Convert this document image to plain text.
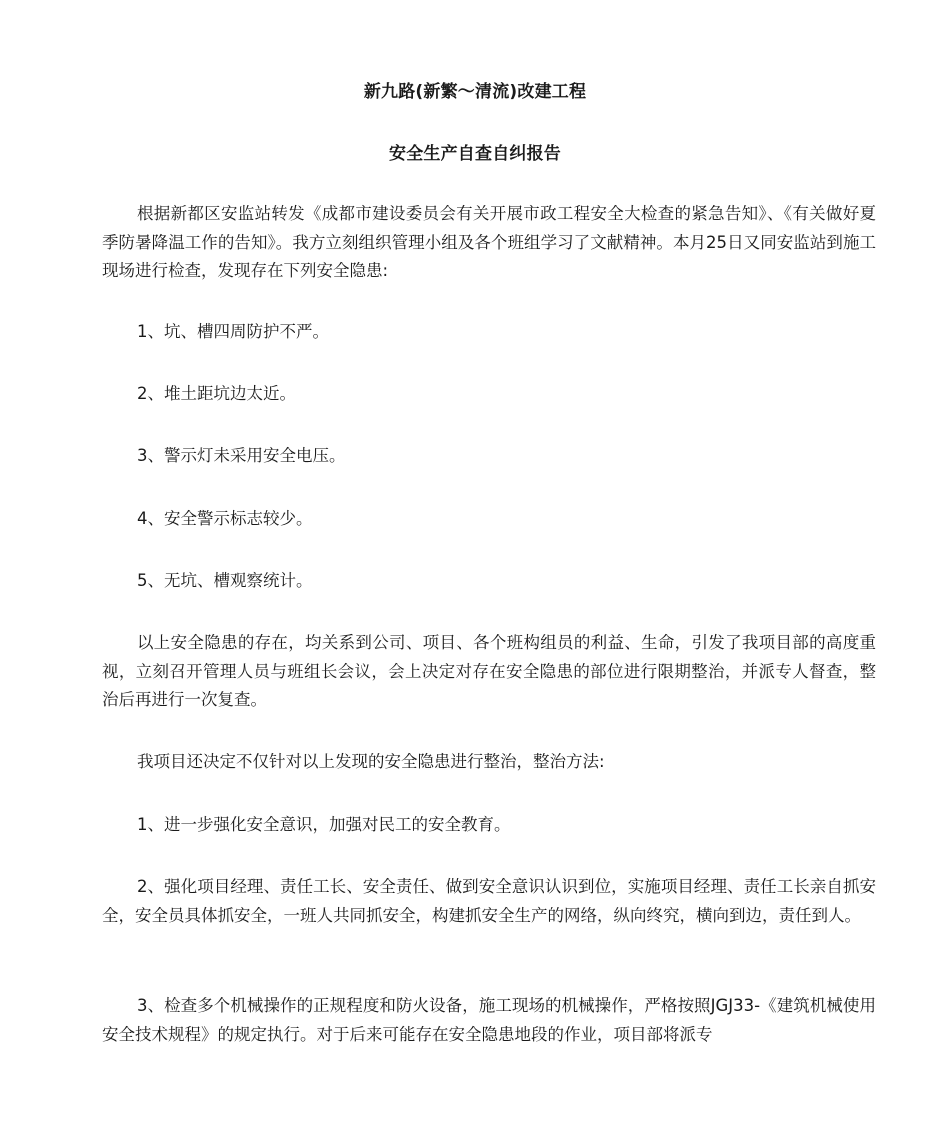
新九路(新繁～清流)改建工程
安全生产自查自纠报告
根据新都区安监站转发《成都市建设委员会有关开展市政工程安全大检查的紧急告知》、《有关做好夏季防暑降温工作的告知》。我方立刻组织管理小组及各个班组学习了文献精神。本月25日又同安监站到施工现场进行检查，发现存在下列安全隐患:
1、坑、槽四周防护不严。
2、堆土距坑边太近。
3、警示灯未采用安全电压。
4、安全警示标志较少。
5、无坑、槽观察统计。
以上安全隐患的存在，均关系到公司、项目、各个班构组员的利益、生命，引发了我项目部的高度重视，立刻召开管理人员与班组长会议，会上决定对存在安全隐患的部位进行限期整治，并派专人督查，整治后再进行一次复查。
我项目还决定不仅针对以上发现的安全隐患进行整治，整治方法:
1、进一步强化安全意识，加强对民工的安全教育。
2、强化项目经理、责任工长、安全责任、做到安全意识认识到位，实施项目经理、责任工长亲自抓安全，安全员具体抓安全，一班人共同抓安全，构建抓安全生产的网络，纵向终究，横向到边，责任到人。
3、检查多个机械操作的正规程度和防火设备，施工现场的机械操作，严格按照JGJ33-《建筑机械使用安全技术规程》的规定执行。对于后来可能存在安全隐患地段的作业，项目部将派专
